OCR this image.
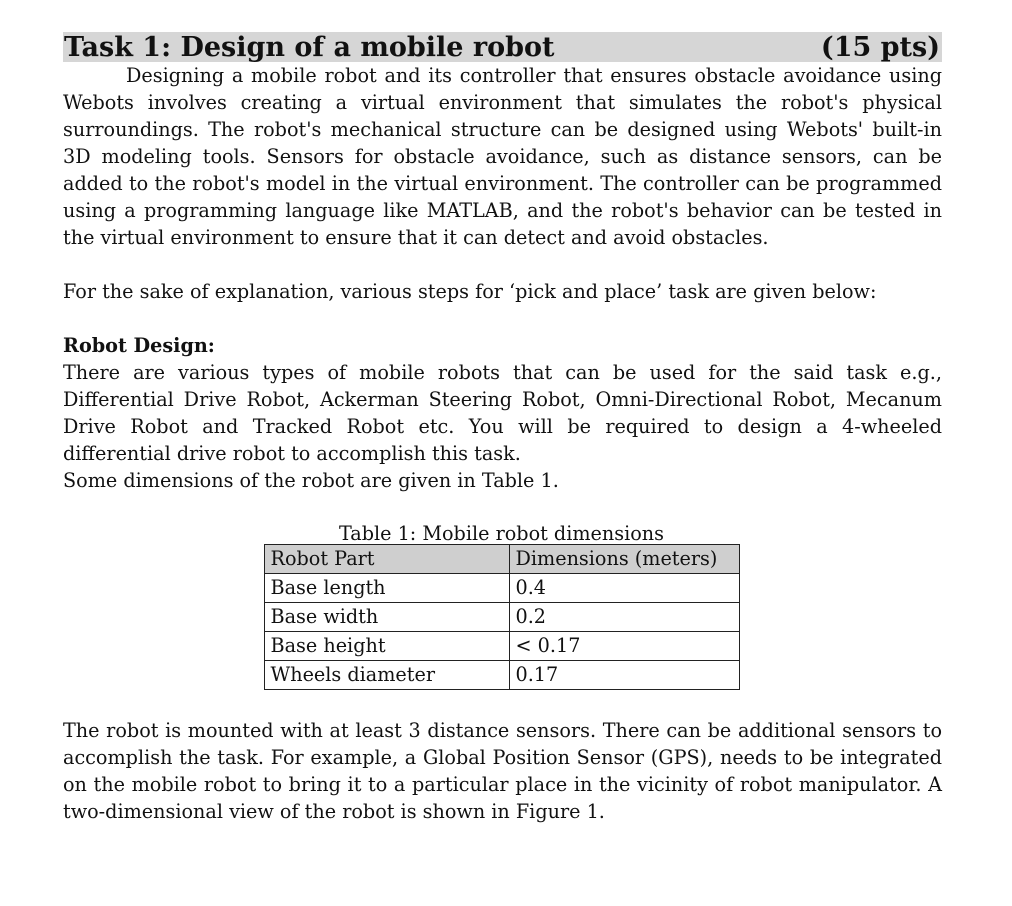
Task 1: Design of a mobile robot	(15 pts)

Designing a mobile robot and its controller that ensures obstacle avoidance using Webots involves creating a virtual environment that simulates the robot's physical surroundings. The robot's mechanical structure can be designed using Webots' built-in 3D modeling tools. Sensors for obstacle avoidance, such as distance sensors, can be added to the robot's model in the virtual environment. The controller can be programmed using a programming language like MATLAB, and the robot's behavior can be tested in the virtual environment to ensure that it can detect and avoid obstacles.

For the sake of explanation, various steps for ‘pick and place’ task are given below:

Robot Design:

There are various types of mobile robots that can be used for the said task e.g., Differential Drive Robot, Ackerman Steering Robot, Omni-Directional Robot, Mecanum Drive Robot and Tracked Robot etc. You will be required to design a 4-wheeled differential drive robot to accomplish this task.

Some dimensions of the robot are given in Table 1.

Table 1: Mobile robot dimensions
Robot Part	Dimensions (meters)
Base length	0.4
Base width	0.2
Base height	< 0.17
Wheels diameter	0.17

The robot is mounted with at least 3 distance sensors. There can be additional sensors to accomplish the task. For example, a Global Position Sensor (GPS), needs to be integrated on the mobile robot to bring it to a particular place in the vicinity of robot manipulator. A two-dimensional view of the robot is shown in Figure 1.
